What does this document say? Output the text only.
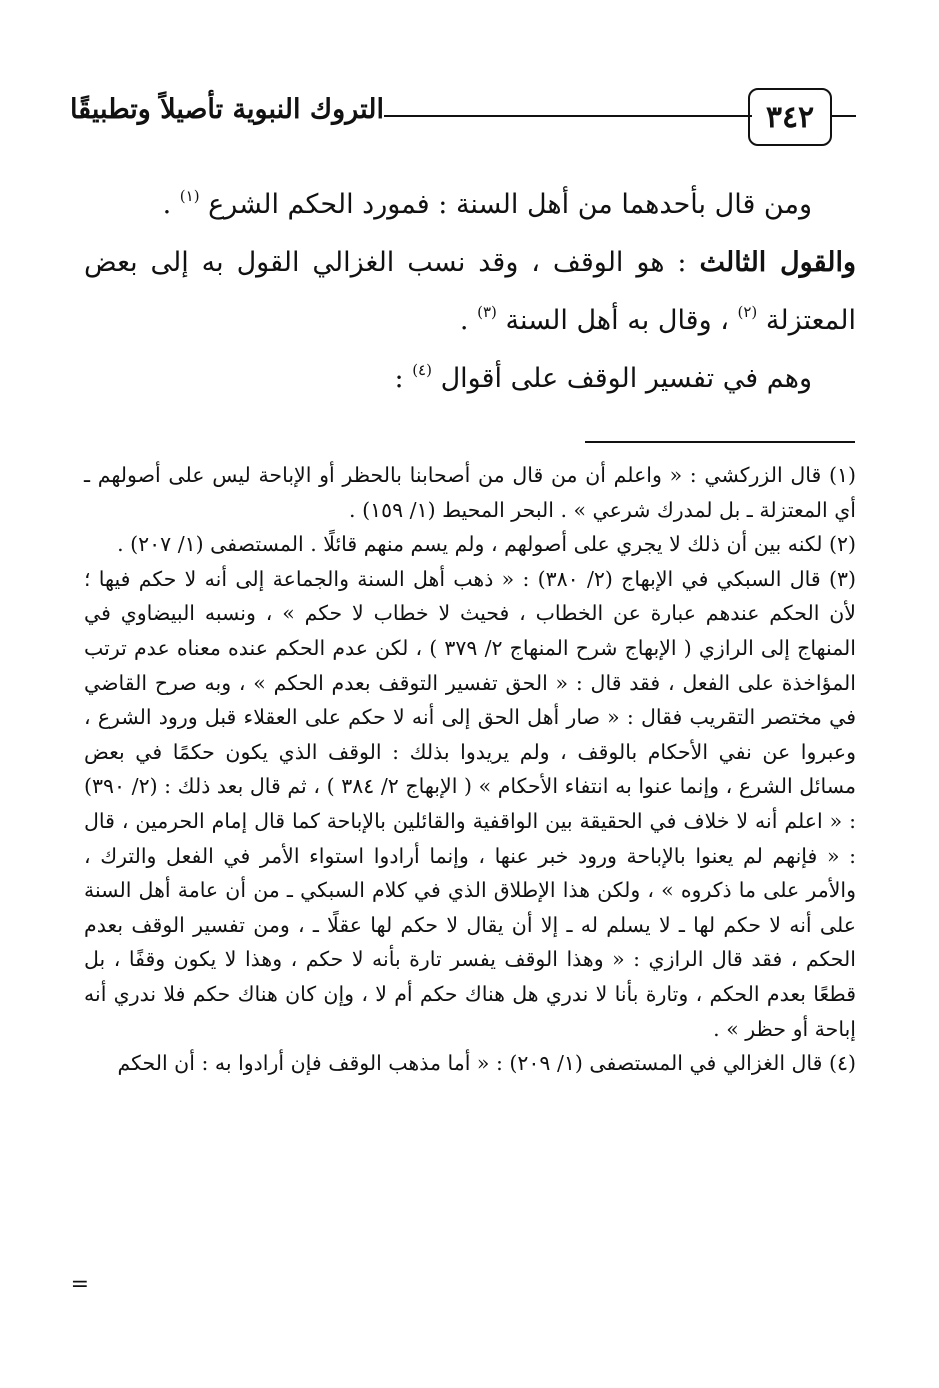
٣٤٢
التروك النبوية تأصيلاً وتطبيقًا

ومن قال بأحدهما من أهل السنة : فمورد الحكم الشرع $^{(١)}$ .

والقول الثالث : هو الوقف ، وقد نسب الغزالي القول به إلى بعض المعتزلة $^{(٢)}$ ، وقال به أهل السنة $^{(٣)}$ .

وهم في تفسير الوقف على أقوال $^{(٤)}$ :

(١) قال الزركشي : « واعلم أن من قال من أصحابنا بالحظر أو الإباحة ليس على أصولهم ـ أي المعتزلة ـ بل لمدرك شرعي » . البحر المحيط (١/ ١٥٩) .

(٢) لكنه بين أن ذلك لا يجري على أصولهم ، ولم يسم منهم قائلًا . المستصفى (١/ ٢٠٧) .

(٣) قال السبكي في الإبهاج (٢/ ٣٨٠) : « ذهب أهل السنة والجماعة إلى أنه لا حكم فيها ؛ لأن الحكم عندهم عبارة عن الخطاب ، فحيث لا خطاب لا حكم » ، ونسبه البيضاوي في المنهاج إلى الرازي ( الإبهاج شرح المنهاج ٢/ ٣٧٩ ) ، لكن عدم الحكم عنده معناه عدم ترتب المؤاخذة على الفعل ، فقد قال : « الحق تفسير التوقف بعدم الحكم » ، وبه صرح القاضي في مختصر التقريب فقال : « صار أهل الحق إلى أنه لا حكم على العقلاء قبل ورود الشرع ، وعبروا عن نفي الأحكام بالوقف ، ولم يريدوا بذلك : الوقف الذي يكون حكمًا في بعض مسائل الشرع ، وإنما عنوا به انتفاء الأحكام » ( الإبهاج ٢/ ٣٨٤ ) ، ثم قال بعد ذلك : (٢/ ٣٩٠) : « اعلم أنه لا خلاف في الحقيقة بين الواقفية والقائلين بالإباحة كما قال إمام الحرمين ، قال : « فإنهم لم يعنوا بالإباحة ورود خبر عنها ، وإنما أرادوا استواء الأمر في الفعل والترك ، والأمر على ما ذكروه » ، ولكن هذا الإطلاق الذي في كلام السبكي ـ من أن عامة أهل السنة على أنه لا حكم لها ـ لا يسلم له ـ إلا أن يقال لا حكم لها عقلًا ـ ، ومن تفسير الوقف بعدم الحكم ، فقد قال الرازي : « وهذا الوقف يفسر تارة بأنه لا حكم ، وهذا لا يكون وقفًا ، بل قطعًا بعدم الحكم ، وتارة بأنا لا ندري هل هناك حكم أم لا ، وإن كان هناك حكم فلا ندري أنه إباحة أو حظر » .

(٤) قال الغزالي في المستصفى (١/ ٢٠٩) : « أما مذهب الوقف فإن أرادوا به : أن الحكم

=
